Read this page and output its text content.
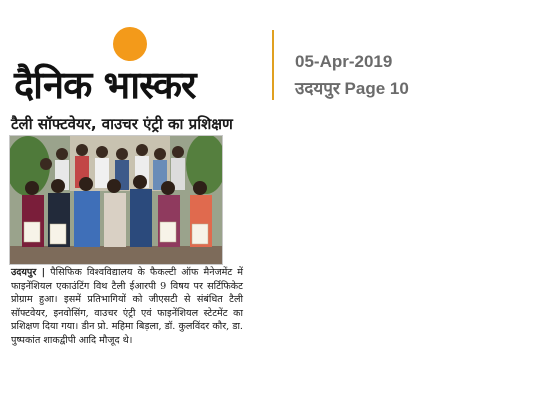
दैनिक भास्कर
05-Apr-2019
उदयपुर Page 10
टैली सॉफ्टवेयर, वाउचर एंट्री का प्रशिक्षण

उदयपुर | पैसिफिक विश्वविद्यालय के फैकल्टी ऑफ मैनेजमेंट में फाइनेंशियल एकाउंटिंग विथ टैली ईआरपी 9 विषय पर सर्टिफिकेट प्रोग्राम हुआ। इसमें प्रतिभागियों को जीएसटी से संबंधित टैली सॉफ्टवेयर, इनवोसिंग, वाउचर एंट्री एवं फाइनेंशियल स्टेटमेंट का प्रशिक्षण दिया गया। डीन प्रो. महिमा बिड़ला, डॉ. कुलविंदर कौर, डा. पुष्पकांत शाकद्वीपी आदि मौजूद थे।
